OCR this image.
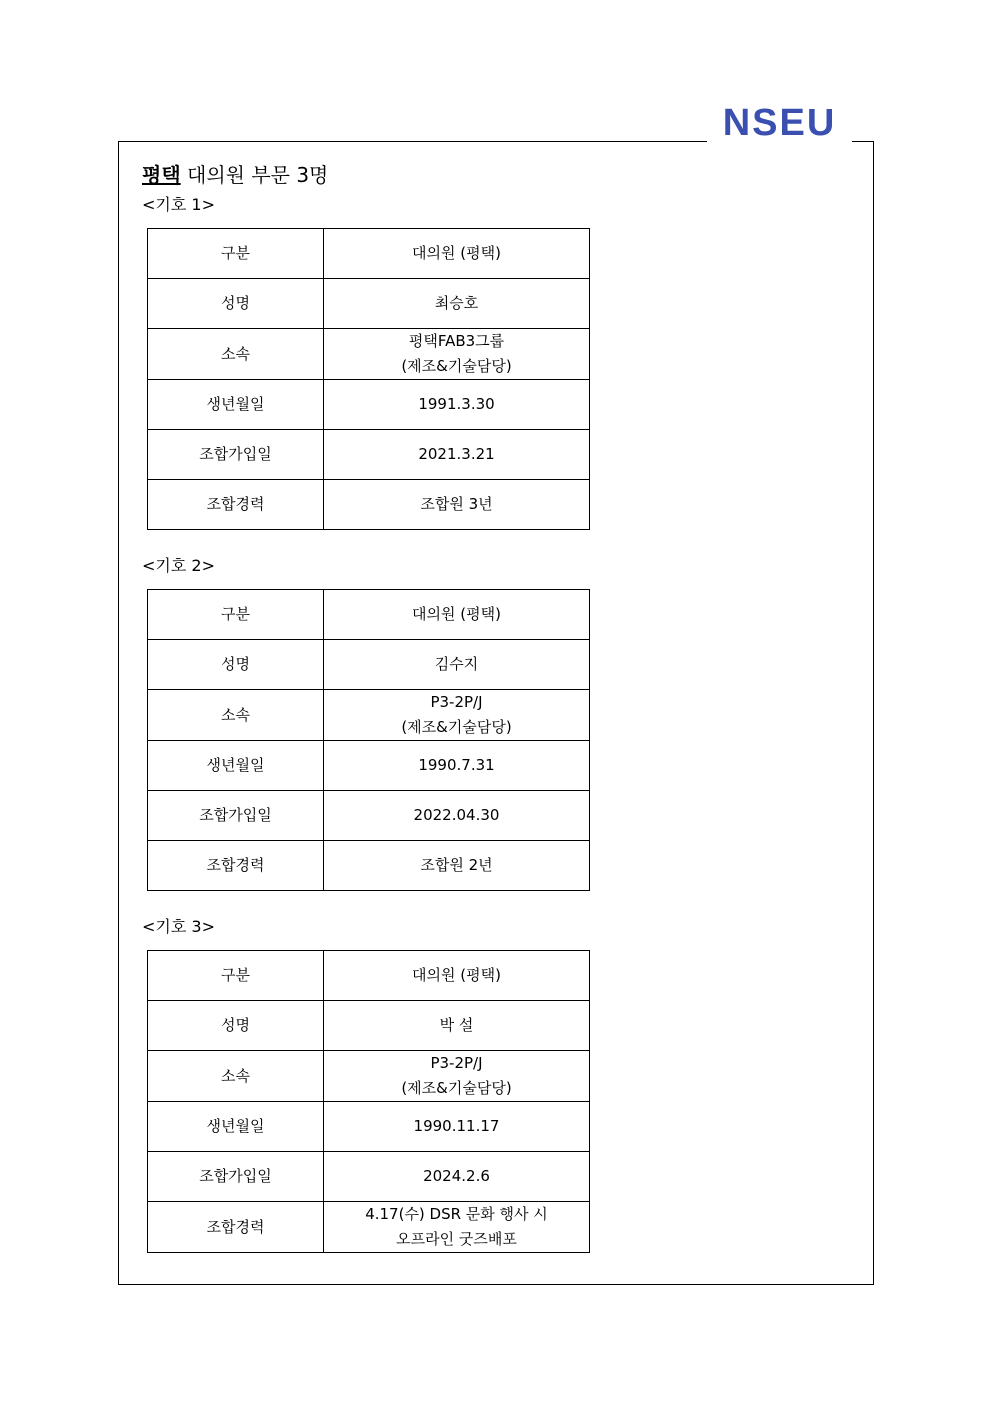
NSEU
평택 대의원 부문 3명
<기호 1>
구분	대의원 (평택)

성명	최승호

소속	평택FAB3그룹
(제조&기술담당)

생년월일	1991.3.30

조합가입일	2021.3.21

조합경력	조합원 3년
<기호 2>
구분	대의원 (평택)

성명	김수지

소속	P3-2P/J
(제조&기술담당)

생년월일	1990.7.31

조합가입일	2022.04.30

조합경력	조합원 2년
<기호 3>
구분	대의원 (평택)

성명	박 설

소속	P3-2P/J
(제조&기술담당)

생년월일	1990.11.17

조합가입일	2024.2.6

조합경력	4.17(수) DSR 문화 행사 시
오프라인 굿즈배포
